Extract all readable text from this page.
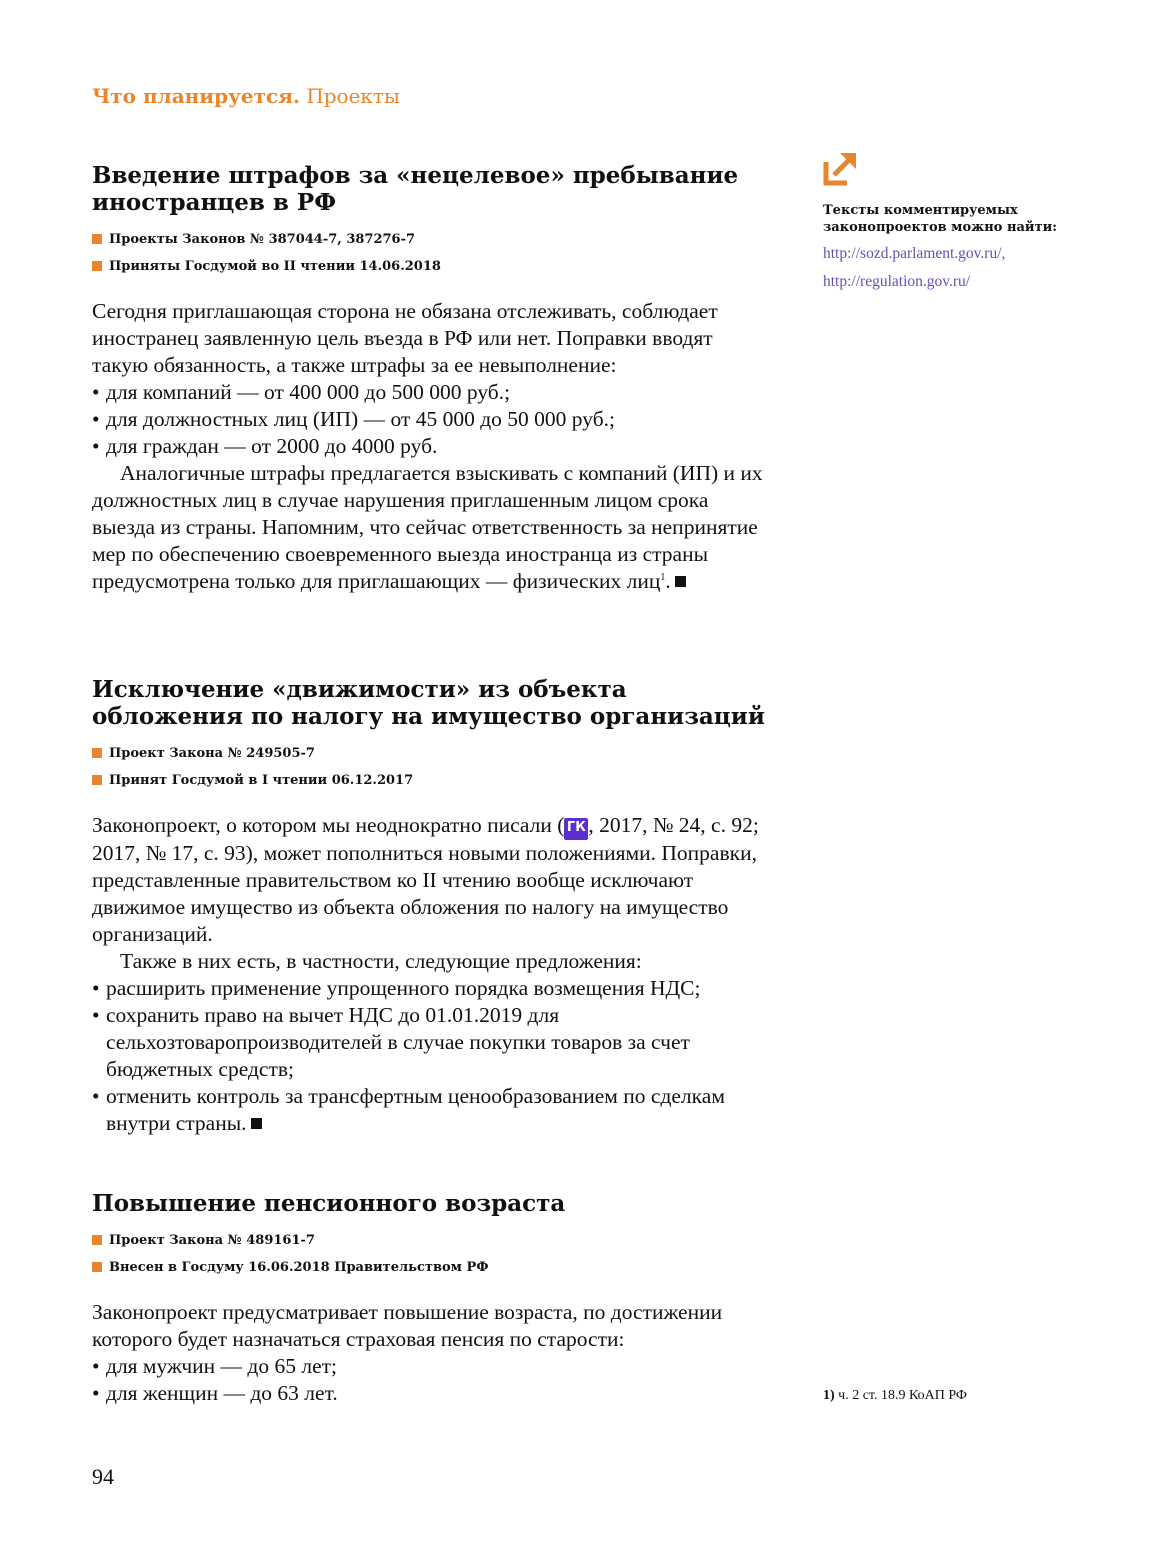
Что планируется. Проекты
Введение штрафов за «нецелевое» пребывание иностранцев в РФ
Проекты Законов № 387044-7, 387276-7
Приняты Госдумой во II чтении 14.06.2018

Сегодня приглашающая сторона не обязана отслеживать, соблюдает иностранец заявленную цель въезда в РФ или нет. Поправки вводят такую обязанность, а также штрафы за ее невыполнение:

• для компаний — от 400 000 до 500 000 руб.;
• для должностных лиц (ИП) — от 45 000 до 50 000 руб.;
• для граждан — от 2000 до 4000 руб.

Аналогичные штрафы предлагается взыскивать с компаний (ИП) и их должностных лиц в случае нарушения приглашенным лицом срока выезда из страны. Напомним, что сейчас ответственность за непринятие мер по обеспечению своевременного выезда иностранца из страны предусмотрена только для приглашающих — физических лиц$^1$.

Исключение «движимости» из объекта обложения по налогу на имущество организаций
Проект Закона № 249505-7
Принят Госдумой в I чтении 06.12.2017

Законопроект, о котором мы неоднократно писали ( ГК , 2017, № 24, с. 92; 2017, № 17, с. 93), может пополниться новыми положениями. Поправки, представленные правительством ко II чтению вообще исключают движимое имущество из объекта обложения по налогу на имущество организаций.

Также в них есть, в частности, следующие предложения:

• расширить применение упрощенного порядка возмещения НДС;
• сохранить право на вычет НДС до 01.01.2019 для сельхозтоваропроизводителей в случае покупки товаров за счет бюджетных средств;
• отменить контроль за трансфертным ценообразованием по сделкам внутри страны.
Повышение пенсионного возраста
Проект Закона № 489161-7
Внесен в Госдуму 16.06.2018 Правительством РФ

Законопроект предусматривает повышение возраста, по достижении которого будет назначаться страховая пенсия по старости:

• для мужчин — до 65 лет;
• для женщин — до 63 лет.
Тексты комментируемых законопроектов можно найти:
http://sozd.parlament.gov.ru/,
http://regulation.gov.ru/
1) ч. 2 ст. 18.9 КоАП РФ
94
